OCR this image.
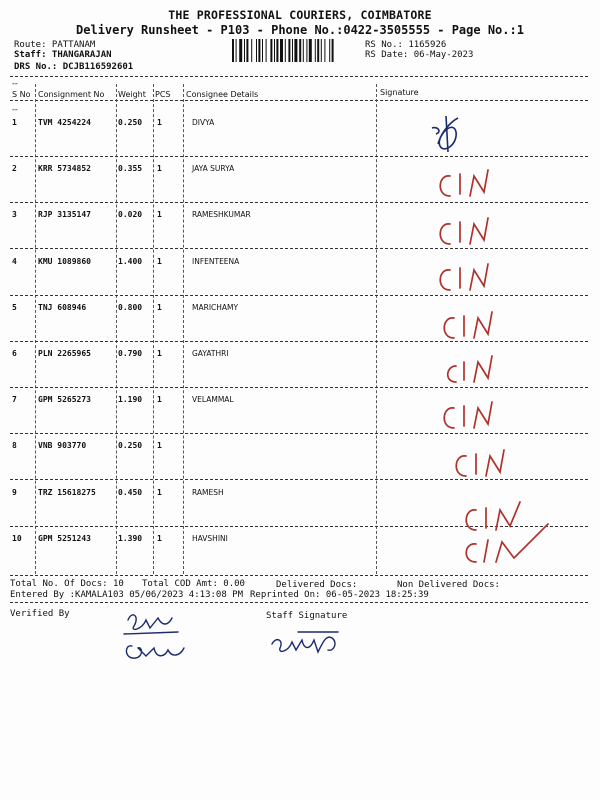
THE PROFESSIONAL COURIERS, COIMBATORE
Delivery Runsheet - P103 - Phone No.:0422-3505555 - Page No.:1
Route: PATTANAM
Staff: THANGARAJAN
DRS No.: DCJB116592601
RS No.: 1165926
RS Date: 06-May-2023
--
S No Consignment No Weight PCS Consignee Details	Signature
--
1	TVM 4254224	0.250 1	DIVYA
2	KRR 5734852	0.355 1	JAYA SURYA
3	RJP 3135147	0.020 1	RAMESHKUMAR
4	KMU 1089860	1.400 1	INFENTEENA
5	TNJ 608946	0.800 1	MARICHAMY
6	PLN 2265965	0.790 1	GAYATHRI
7	GPM 5265273	1.190 1	VELAMMAL
8	VNB 903770	0.250 1
9	TRZ 15618275	0.450 1	RAMESH
10 GPM 5251243	1.390 1	HAVSHINI
Total No. Of Docs: 10 Total COD Amt: 0.00	Delivered Docs:	Non Delivered Docs:
Entered By :KAMALA103 05/06/2023 4:13:08 PM Reprinted On: 06-05-2023 18:25:39
Verified By	Staff Signature
